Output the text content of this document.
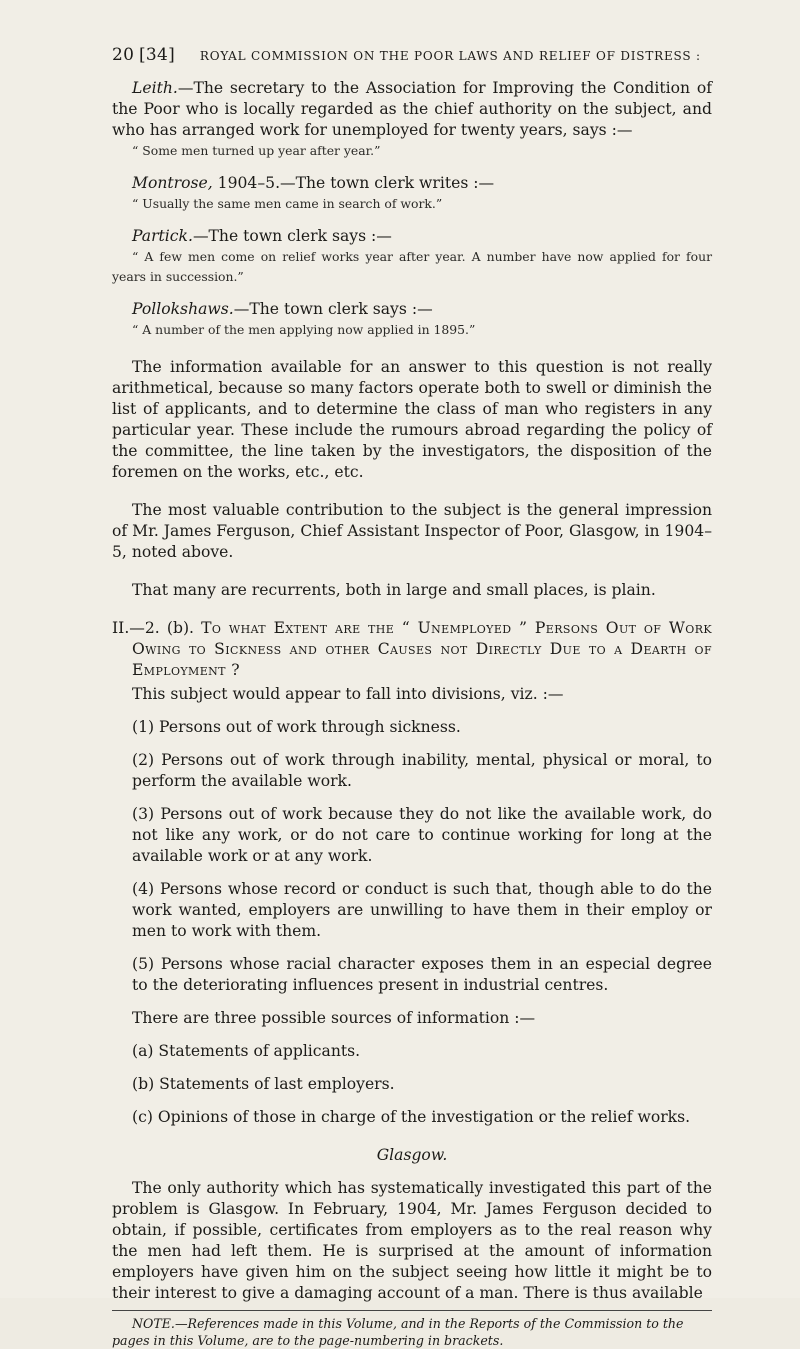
20 [34] ROYAL COMMISSION ON THE POOR LAWS AND RELIEF OF DISTRESS :

Leith.—The secretary to the Association for Improving the Condition of the Poor who is locally regarded as the chief authority on the subject, and who has arranged work for unemployed for twenty years, says :—

“ Some men turned up year after year.”

Montrose, 1904–5.—The town clerk writes :—

“ Usually the same men came in search of work.”

Partick.—The town clerk says :—

“ A few men come on relief works year after year. A number have now applied for four years in succession.”

Pollokshaws.—The town clerk says :—

“ A number of the men applying now applied in 1895.”

The information available for an answer to this question is not really arithmetical, because so many factors operate both to swell or diminish the list of applicants, and to determine the class of man who registers in any particular year. These include the rumours abroad regarding the policy of the committee, the line taken by the investigators, the disposition of the foremen on the works, etc., etc.

The most valuable contribution to the subject is the general impression of Mr. James Ferguson, Chief Assistant Inspector of Poor, Glasgow, in 1904–5, noted above.

That many are recurrents, both in large and small places, is plain.

II.—2. (b). To what Extent are the “ Unemployed ” Persons Out of Work Owing to Sickness and other Causes not Directly Due to a Dearth of Employment ?

This subject would appear to fall into divisions, viz. :—

(1) Persons out of work through sickness.

(2) Persons out of work through inability, mental, physical or moral, to perform the available work.

(3) Persons out of work because they do not like the available work, do not like any work, or do not care to continue working for long at the available work or at any work.

(4) Persons whose record or conduct is such that, though able to do the work wanted, employers are unwilling to have them in their employ or men to work with them.

(5) Persons whose racial character exposes them in an especial degree to the deteriorating influences present in industrial centres.

There are three possible sources of information :—

(a) Statements of applicants.

(b) Statements of last employers.

(c) Opinions of those in charge of the investigation or the relief works.

Glasgow.

The only authority which has systematically investigated this part of the problem is Glasgow. In February, 1904, Mr. James Ferguson decided to obtain, if possible, certificates from employers as to the real reason why the men had left them. He is surprised at the amount of information employers have given him on the subject seeing how little it might be to their interest to give a damaging account of a man. There is thus available

NOTE.—References made in this Volume, and in the Reports of the Commission to the pages in this Volume, are to the page-numbering in brackets.
